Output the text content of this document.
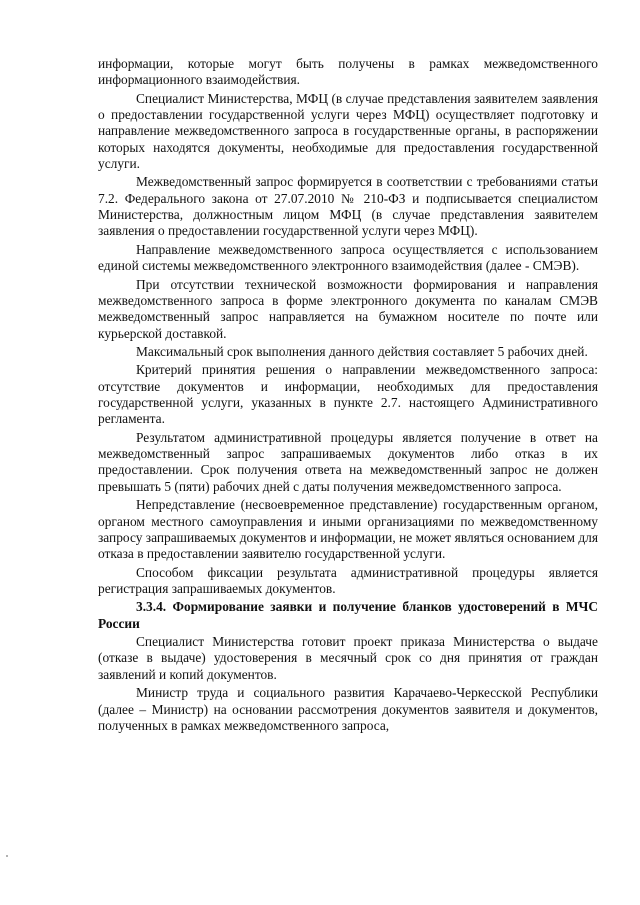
информации, которые могут быть получены в рамках межведомственного информационного взаимодействия.

Специалист Министерства, МФЦ (в случае представления заявителем заявления о предоставлении государственной услуги через МФЦ) осуществляет подготовку и направление межведомственного запроса в государственные органы, в распоряжении которых находятся документы, необходимые для предоставления государственной услуги.

Межведомственный запрос формируется в соответствии с требованиями статьи 7.2. Федерального закона от 27.07.2010 № 210-ФЗ и подписывается специалистом Министерства, должностным лицом МФЦ (в случае представления заявителем заявления о предоставлении государственной услуги через МФЦ).

Направление межведомственного запроса осуществляется с использованием единой системы межведомственного электронного взаимодействия (далее - СМЭВ).

При отсутствии технической возможности формирования и направления межведомственного запроса в форме электронного документа по каналам СМЭВ межведомственный запрос направляется на бумажном носителе по почте или курьерской доставкой.

Максимальный срок выполнения данного действия составляет 5 рабочих дней.

Критерий принятия решения о направлении межведомственного запроса: отсутствие документов и информации, необходимых для предоставления государственной услуги, указанных в пункте 2.7. настоящего Административного регламента.

Результатом административной процедуры является получение в ответ на межведомственный запрос запрашиваемых документов либо отказ в их предоставлении. Срок получения ответа на межведомственный запрос не должен превышать 5 (пяти) рабочих дней с даты получения межведомственного запроса.

Непредставление (несвоевременное представление) государственным органом, органом местного самоуправления и иными организациями по межведомственному запросу запрашиваемых документов и информации, не может являться основанием для отказа в предоставлении заявителю государственной услуги.

Способом фиксации результата административной процедуры является регистрация запрашиваемых документов.

3.3.4. Формирование заявки и получение бланков удостоверений в МЧС России

Специалист Министерства готовит проект приказа Министерства о выдаче (отказе в выдаче) удостоверения в месячный срок со дня принятия от граждан заявлений и копий документов.

Министр труда и социального развития Карачаево-Черкесской Республики (далее – Министр) на основании рассмотрения документов заявителя и документов, полученных в рамках межведомственного запроса,
